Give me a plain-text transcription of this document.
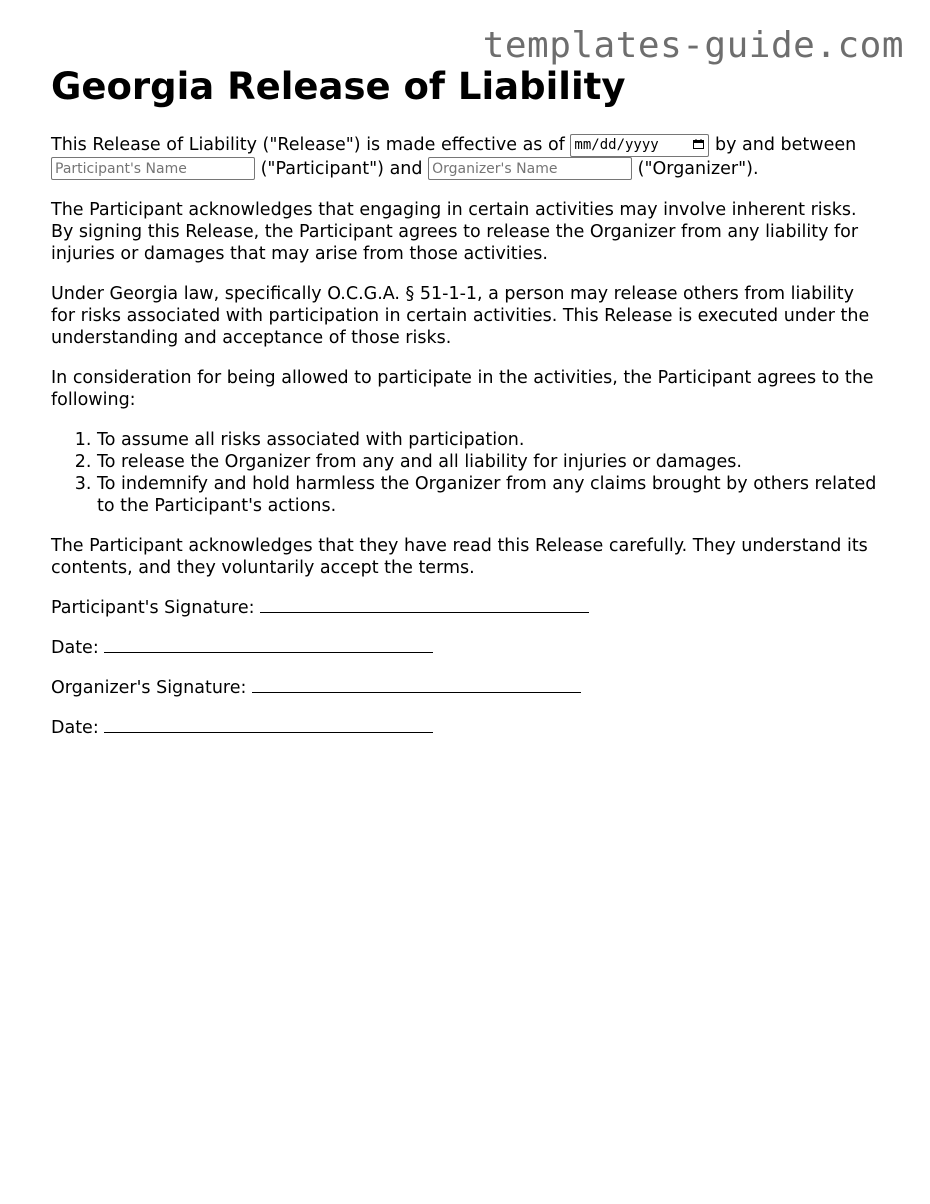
templates-guide.com
Georgia Release of Liability

This Release of Liability ("Release") is made effective as of mm/dd/yyyy	by and between Participant's Name ("Participant") and Organizer's Name	("Organizer").

The Participant acknowledges that engaging in certain activities may involve inherent risks. By signing this Release, the Participant agrees to release the Organizer from any liability for injuries or damages that may arise from those activities.

Under Georgia law, specifically O.C.G.A. § 51-1-1, a person may release others from liability for risks associated with participation in certain activities. This Release is executed under the understanding and acceptance of those risks.

In consideration for being allowed to participate in the activities, the Participant agrees to the following:

1. To assume all risks associated with participation.
2. To release the Organizer from any and all liability for injuries or damages.
3. To indemnify and hold harmless the Organizer from any claims brought by others related to the Participant's actions.

The Participant acknowledges that they have read this Release carefully. They understand its contents, and they voluntarily accept the terms.

Participant's Signature:

Date:

Organizer's Signature:

Date:
